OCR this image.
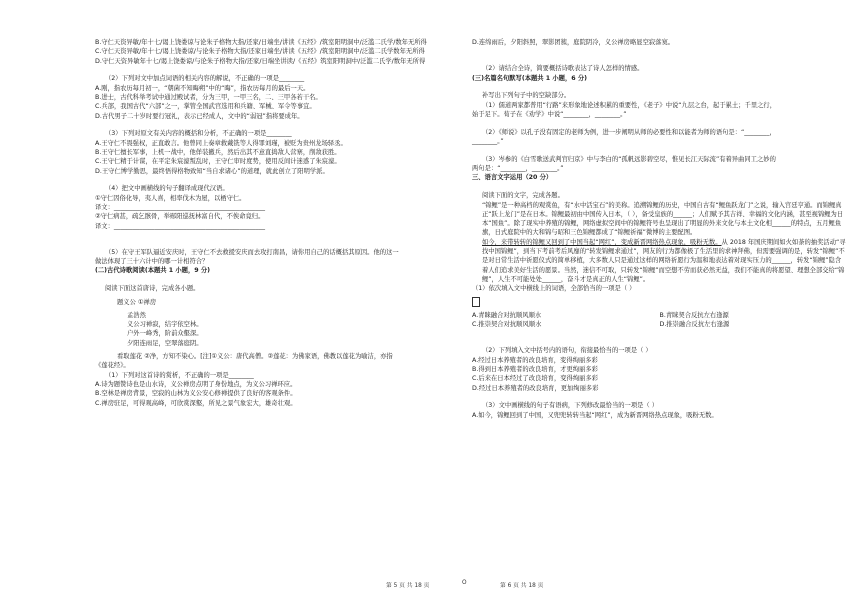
B.守仁天资异敏/年十七/谒上饶娄谅与论朱子格物大指/还家/日端坐/讲读《五经》/筑室阳明洞中/泛滥二氏学/数年无所得

C.守仁天资异敏/年十七/谒上饶娄谅/与论朱子格物大指/还家日端坐/讲读《五经》/筑室阳明洞中/泛滥二氏学数年无所得

D.守仁天资异敏年十七/谒上饶娄谅/与论朱子格物大指/还家/日端坐讲读/《五经》筑室阳明洞中/泛滥二氏学/数年无所得

（2）下列对文中加点词语的相关内容的解说，不正确的一项是________

A.刚，指农历每月初一，“朝菌不知晦朔”中的“晦”，指农历每月的最后一天。

B.进士，古代科举考试中通过殿试者，分为三甲，一甲三名，二、三甲各若干名。

C.兵部，我国古代“六部”之一，掌管全国武官选用和兵籍、军械、军令等事宜。

D.古代男子二十岁时要行冠礼，表示已经成人，文中的“弱冠”指将要成年。

（3）下列对原文有关内容的概括和分析，不正确的一项是________

A.王守仁不畏强权，正直敢言。他曾同上奏章救戴铣等人得罪刘瑾，被贬为贵州龙场驿丞。

B.王守仁擅长军事，上机一战中，他佯装撤兵，然后出其不意直捣敌人营寨，削敌获胜。

C.王守仁精于计谋，在平定朱宸濠叛乱时，王守仁审时度势，使用反间计迷惑了朱宸濠。

D.王守仁博学勤思，最终悟得格物致知“当自求诸心”的道理，就此创立了阳明学派。

（4）把文中画横线的句子翻译成现代汉语。

①守仁因俗化导，夷人喜，相率伐木为屋，以栖守仁。

译文：________________________________________________

②守仁病甚，疏乞骸骨，举郧阳巡抚林富自代，不俟命竟归。

译文：________________________________________________

（5）在守王军队逼近安庆时，王守仁不去救援安庆而去攻打南昌，请你用自己的话概括其原因。他的这一

做法体现了三十六计中的哪一计相符合？

(二)古代诗歌阅读(本题共 1 小题，9 分)

阅读下面这首唐诗，完成各小题。

题义公 ①禅房

孟浩然

义公习禅寂，结宇依空林。

户外一峰秀，阶前众壑深。

夕阳连雨足，空翠落庭阴。

看取莲花 ②净，方知不染心。[注]①义公：唐代高僧。②莲花：为佛家语，佛教以莲花为喻洁，亦指

《莲花经》。

（1）下列对这首诗的赏析，不正确的一项是________

A.诗为题赞诗也是山水诗，义公禅房点明了身份地点，为义公习禅环应。

B.空林是禅房背景，空寂的山林为义公安心修禅提供了良好的客观条件。

C.禅房驻足，可得观高峰，可欣赏深壑，所见之景气象宏大，雄奇壮观。

D.连绵雨后，夕阳斜照，翠影团簇，庭院阴冷，义公禅房略显空寂落寞。

（2）请结合全诗，简要概括诗歌表达了诗人怎样的情感。

(三)名篇名句默写(本题共 1 小题，6 分)

补写出下列句子中的空缺部分。

（1）儒道两家都普用“行路”来形象地论述积累的重要性，《老子》中说“九层之台，起于累土；千里之行，

始于足下。荀子在《劝学》中说“________，________。”

（2）《师说》以孔子没有固定的老师为例，进一步阐明从师的必要性和以能者为师的语句是：“________，

________。”

（3）岑参的《白雪歌送武判官归京》中与李白的“孤帆远影碧空尽，惟见长江天际流”有着异曲同工之妙的

两句是：“________，________。”

三、语言文字运用（20 分）

阅读下面的文字，完成各题。

“锦鲤”是一种高档的观赏鱼，有“水中活宝石”的美称。追溯锦鲤的历史，中国自古有“鲤鱼跃龙门”之说，输入宫廷亨通。而锦鲤真正“跃上龙门”是在日本。锦鲤最初由中国传入日本，（ ），备受皇族的______；人们赋予其吉祥、幸福的文化内涵，甚至视锦鲤为日本“国鱼”。除了现实中养殖的锦鲤，网络虚拟空间中的锦鲤符号也呈现出了明显的外来文化与本土文化相______的特点，五月鲤鱼旗，日式庭院中的大和锦与昭和三色锦鲤都成了“锦鲤祈福”微博的主要配图。

如今，来带转转的锦鲤又回到了中国当起“网红”，变成新晋网络热点现象，吸粉无数。从 2018 年国庆期间如火如荼的抽奖活动“寻找中国锦鲤”，到当下考前考后风靡的“转发锦鲤求通过”，网友的行为都像极了生活里的求神拜佛，但需要强调的是，转发“锦鲤”不是对日常生活中祈愿仪式的简单移植，大多数人只是通过这样的网络祈愿行为温和地表达着对现实压力的______，转发“锦鲤”隐含着人们追求美好生活的愿景。当然，迷信不可取，只转发“锦鲤”而空想不劳而获必然无益，我们不能真的将愿望、理想全部交给“锦鲤”，人生不可能处处______，奋斗才是真正的人生“锦鲤”。

（1）依次填入文中横线上的词语，全部恰当的一项是（ ）

A.青睐融合对抗顺风顺水	B.青睐契合反抗左右逢源
C.推崇契合对抗顺风顺水	D.推崇融合反抗左右逢源

（2）下列填入文中括号内的语句，衔接最恰当的一项是（ ）

A.经过日本养殖者的改良培育，变得绚丽多彩

B.得到日本养殖者的改良培育，才更绚丽多彩

C.后来在日本经过了改良培育，变得绚丽多彩

D.经过日本养殖者的改良培育，更加绚丽多彩

（3）文中画横线的句子有语病，下列修改最恰当的一项是（ ）

A.如今，锦鲤回到了中国，又兜兜转转当起“网红”，成为新晋网络热点现象，吸粉无数。

第 5 页 共 18 页	O	第 6 页 共 18 页
